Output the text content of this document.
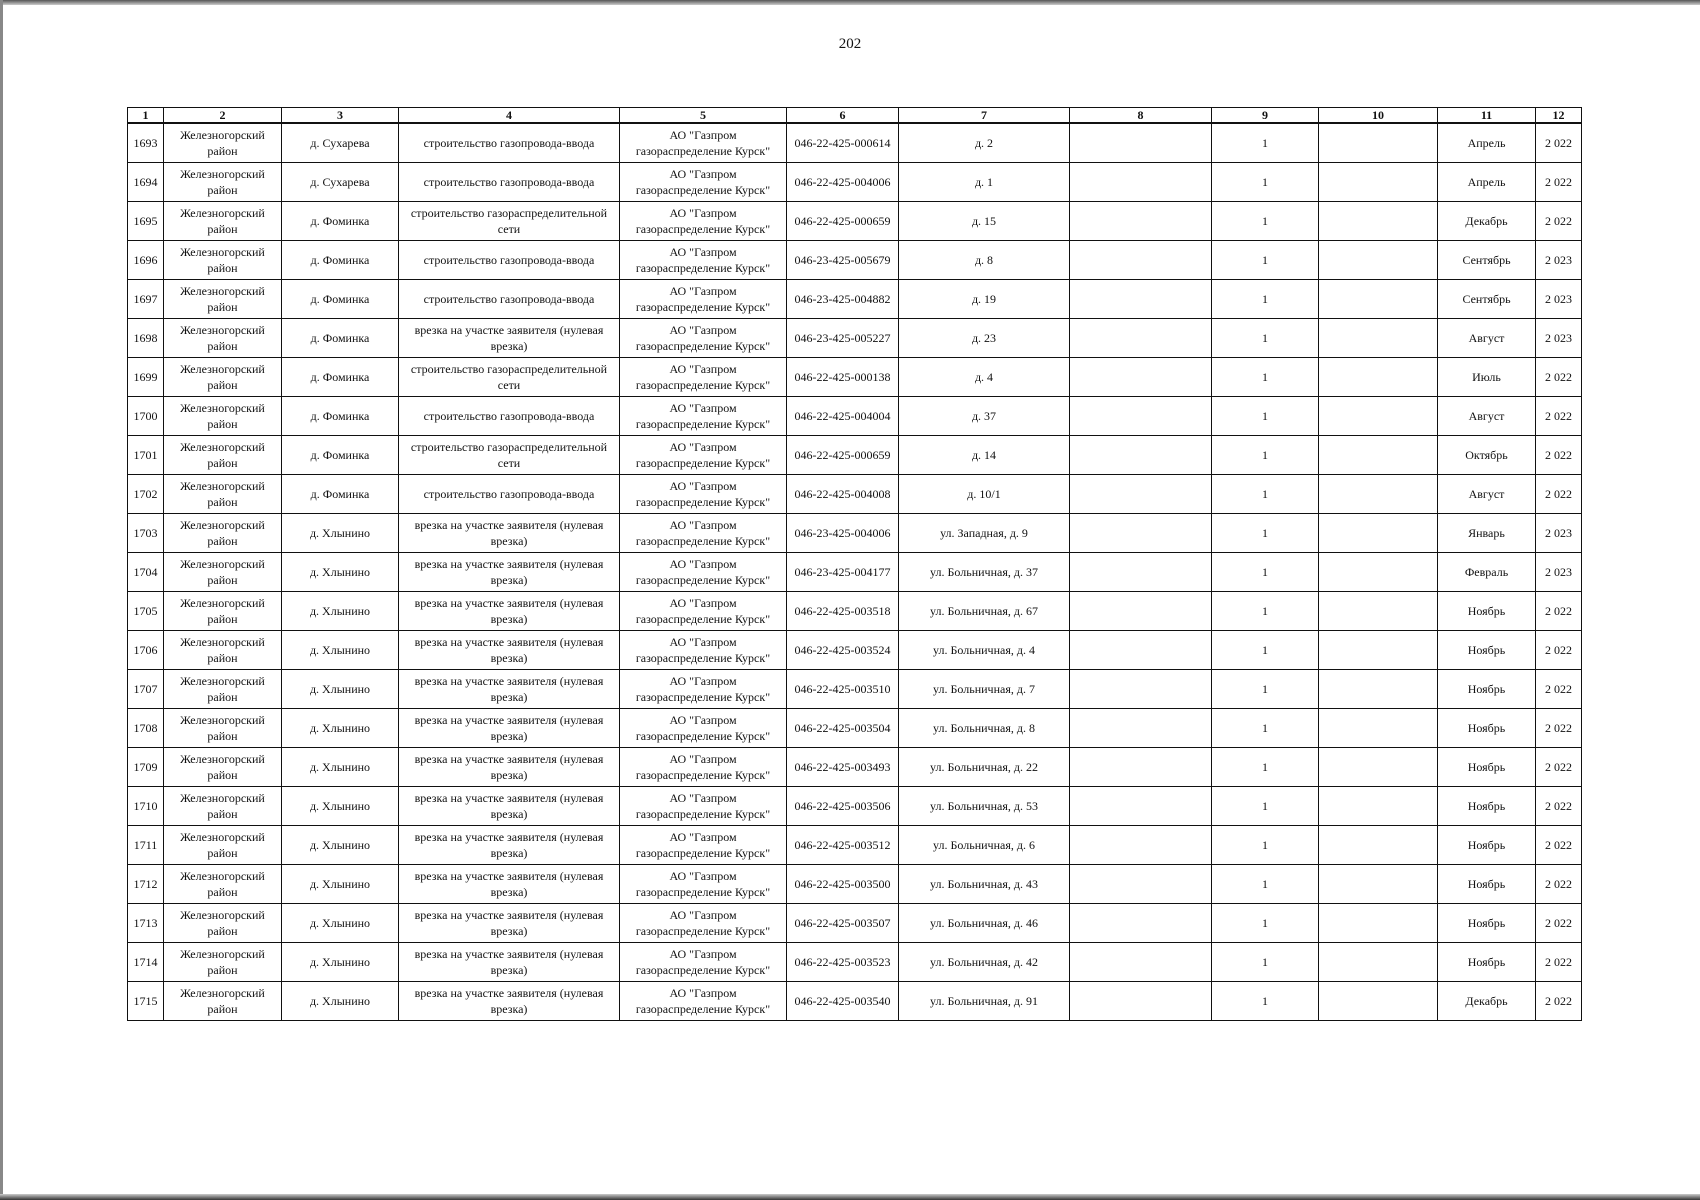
202
1	2	3	4	5	6	7	8	9	10	11	12
1693	Железногорский район	д. Сухарева	строительство газопровода-ввода	АО "Газпром газораспределение Курск"	046-22-425-000614	д. 2		1		Апрель	2 022
1694	Железногорский район	д. Сухарева	строительство газопровода-ввода	АО "Газпром газораспределение Курск"	046-22-425-004006	д. 1		1		Апрель	2 022
1695	Железногорский район	д. Фоминка	строительство газораспределительной сети	АО "Газпром газораспределение Курск"	046-22-425-000659	д. 15		1		Декабрь	2 022
1696	Железногорский район	д. Фоминка	строительство газопровода-ввода	АО "Газпром газораспределение Курск"	046-23-425-005679	д. 8		1		Сентябрь	2 023
1697	Железногорский район	д. Фоминка	строительство газопровода-ввода	АО "Газпром газораспределение Курск"	046-23-425-004882	д. 19		1		Сентябрь	2 023
1698	Железногорский район	д. Фоминка	врезка на участке заявителя (нулевая врезка)	АО "Газпром газораспределение Курск"	046-23-425-005227	д. 23		1		Август	2 023
1699	Железногорский район	д. Фоминка	строительство газораспределительной сети	АО "Газпром газораспределение Курск"	046-22-425-000138	д. 4		1		Июль	2 022
1700	Железногорский район	д. Фоминка	строительство газопровода-ввода	АО "Газпром газораспределение Курск"	046-22-425-004004	д. 37		1		Август	2 022
1701	Железногорский район	д. Фоминка	строительство газораспределительной сети	АО "Газпром газораспределение Курск"	046-22-425-000659	д. 14		1		Октябрь	2 022
1702	Железногорский район	д. Фоминка	строительство газопровода-ввода	АО "Газпром газораспределение Курск"	046-22-425-004008	д. 10/1		1		Август	2 022
1703	Железногорский район	д. Хлынино	врезка на участке заявителя (нулевая врезка)	АО "Газпром газораспределение Курск"	046-23-425-004006	ул. Западная, д. 9		1		Январь	2 023
1704	Железногорский район	д. Хлынино	врезка на участке заявителя (нулевая врезка)	АО "Газпром газораспределение Курск"	046-23-425-004177	ул. Больничная, д. 37		1		Февраль	2 023
1705	Железногорский район	д. Хлынино	врезка на участке заявителя (нулевая врезка)	АО "Газпром газораспределение Курск"	046-22-425-003518	ул. Больничная, д. 67		1		Ноябрь	2 022
1706	Железногорский район	д. Хлынино	врезка на участке заявителя (нулевая врезка)	АО "Газпром газораспределение Курск"	046-22-425-003524	ул. Больничная, д. 4		1		Ноябрь	2 022
1707	Железногорский район	д. Хлынино	врезка на участке заявителя (нулевая врезка)	АО "Газпром газораспределение Курск"	046-22-425-003510	ул. Больничная, д. 7		1		Ноябрь	2 022
1708	Железногорский район	д. Хлынино	врезка на участке заявителя (нулевая врезка)	АО "Газпром газораспределение Курск"	046-22-425-003504	ул. Больничная, д. 8		1		Ноябрь	2 022
1709	Железногорский район	д. Хлынино	врезка на участке заявителя (нулевая врезка)	АО "Газпром газораспределение Курск"	046-22-425-003493	ул. Больничная, д. 22		1		Ноябрь	2 022
1710	Железногорский район	д. Хлынино	врезка на участке заявителя (нулевая врезка)	АО "Газпром газораспределение Курск"	046-22-425-003506	ул. Больничная, д. 53		1		Ноябрь	2 022
1711	Железногорский район	д. Хлынино	врезка на участке заявителя (нулевая врезка)	АО "Газпром газораспределение Курск"	046-22-425-003512	ул. Больничная, д. 6		1		Ноябрь	2 022
1712	Железногорский район	д. Хлынино	врезка на участке заявителя (нулевая врезка)	АО "Газпром газораспределение Курск"	046-22-425-003500	ул. Больничная, д. 43		1		Ноябрь	2 022
1713	Железногорский район	д. Хлынино	врезка на участке заявителя (нулевая врезка)	АО "Газпром газораспределение Курск"	046-22-425-003507	ул. Больничная, д. 46		1		Ноябрь	2 022
1714	Железногорский район	д. Хлынино	врезка на участке заявителя (нулевая врезка)	АО "Газпром газораспределение Курск"	046-22-425-003523	ул. Больничная, д. 42		1		Ноябрь	2 022
1715	Железногорский район	д. Хлынино	врезка на участке заявителя (нулевая врезка)	АО "Газпром газораспределение Курск"	046-22-425-003540	ул. Больничная, д. 91		1		Декабрь	2 022
